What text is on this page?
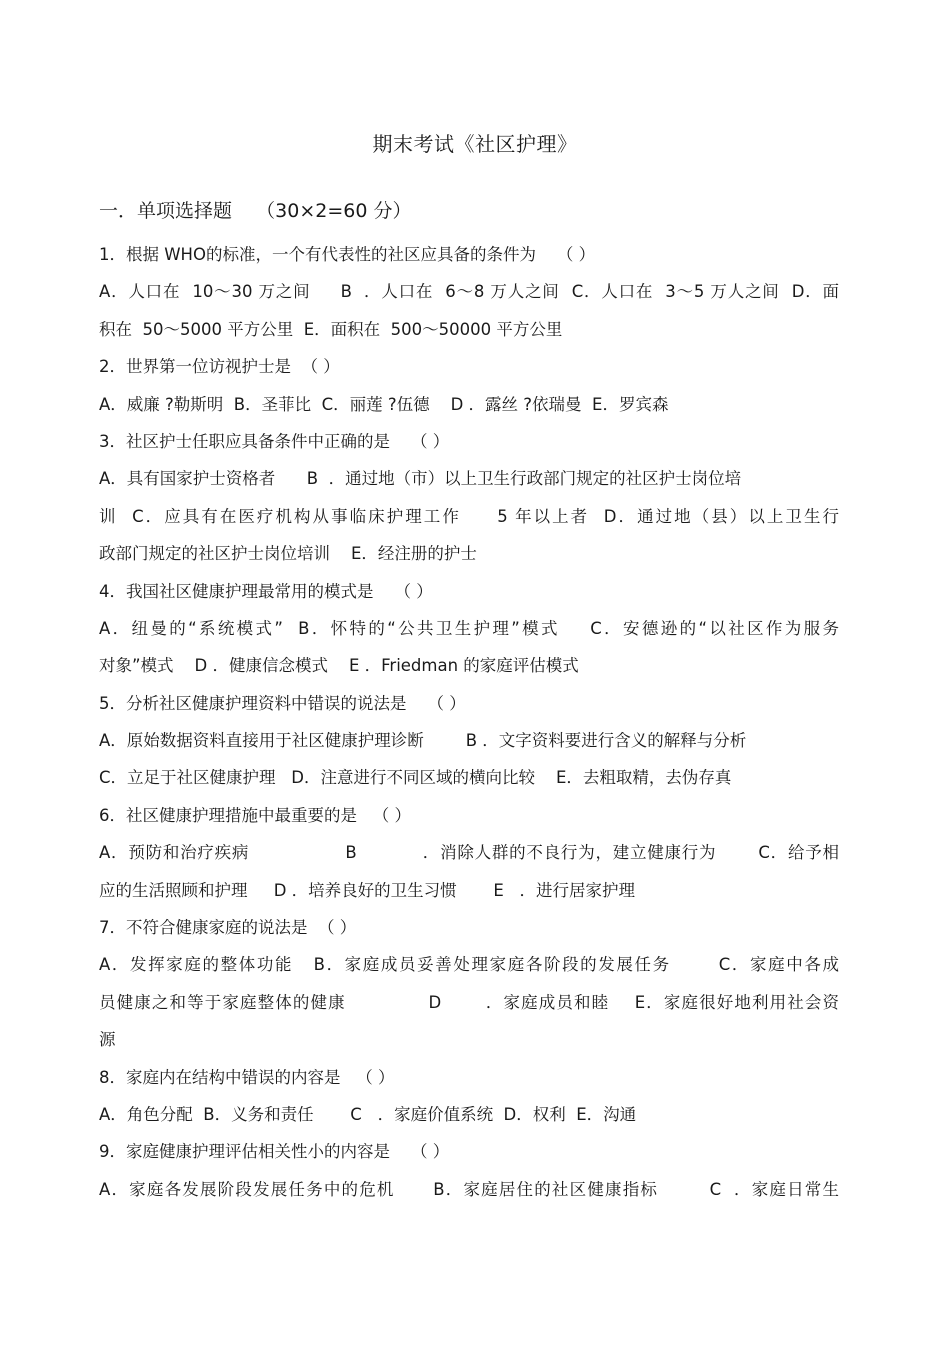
期末考试《社区护理》
一．单项选择题    （30×2=60 分）
1．根据 WHO的标准，一个有代表性的社区应具备的条件为    （ ）
A．人口在  10～30 万之间     B  ．人口在  6～8 万人之间  C．人口在  3～5 万人之间  D．面
积在  50～5000 平方公里  E．面积在  500～50000 平方公里
2．世界第一位访视护士是  （ ）
A．威廉 ?勒斯明  B．圣菲比  C．丽莲 ?伍德    D ．露丝 ?依瑞曼  E．罗宾森
3．社区护士任职应具备条件中正确的是    （ ）
A．具有国家护士资格者      B  ．通过地（市）以上卫生行政部门规定的社区护士岗位培
训  C．应具有在医疗机构从事临床护理工作     5 年以上者  D．通过地（县）以上卫生行
政部门规定的社区护士岗位培训    E．经注册的护士
4．我国社区健康护理最常用的模式是    （ ）
A．纽曼的“系统模式”  B．怀特的“公共卫生护理”模式    C．安德逊的“以社区作为服务
对象”模式    D ．健康信念模式    E ．Friedman 的家庭评估模式
5．分析社区健康护理资料中错误的说法是    （ ）
A．原始数据资料直接用于社区健康护理诊断        B ．文字资料要进行含义的解释与分析
C．立足于社区健康护理   D．注意进行不同区域的横向比较    E．去粗取精，去伪存真
6．社区健康护理措施中最重要的是   （ ）
A．预防和治疗疾病                B           ．消除人群的不良行为，建立健康行为       C．给予相
应的生活照顾和护理     D ．培养良好的卫生习惯       E   ．进行居家护理
7．不符合健康家庭的说法是  （ ）
A．发挥家庭的整体功能   B．家庭成员妥善处理家庭各阶段的发展任务       C．家庭中各成
员健康之和等于家庭整体的健康             D       ．家庭成员和睦    E．家庭很好地利用社会资
源
8．家庭内在结构中错误的内容是   （ ）
A．角色分配  B．义务和责任       C   ．家庭价值系统  D．权利  E．沟通
9．家庭健康护理评估相关性小的内容是    （ ）
A．家庭各发展阶段发展任务中的危机      B．家庭居住的社区健康指标        C  ．家庭日常生
